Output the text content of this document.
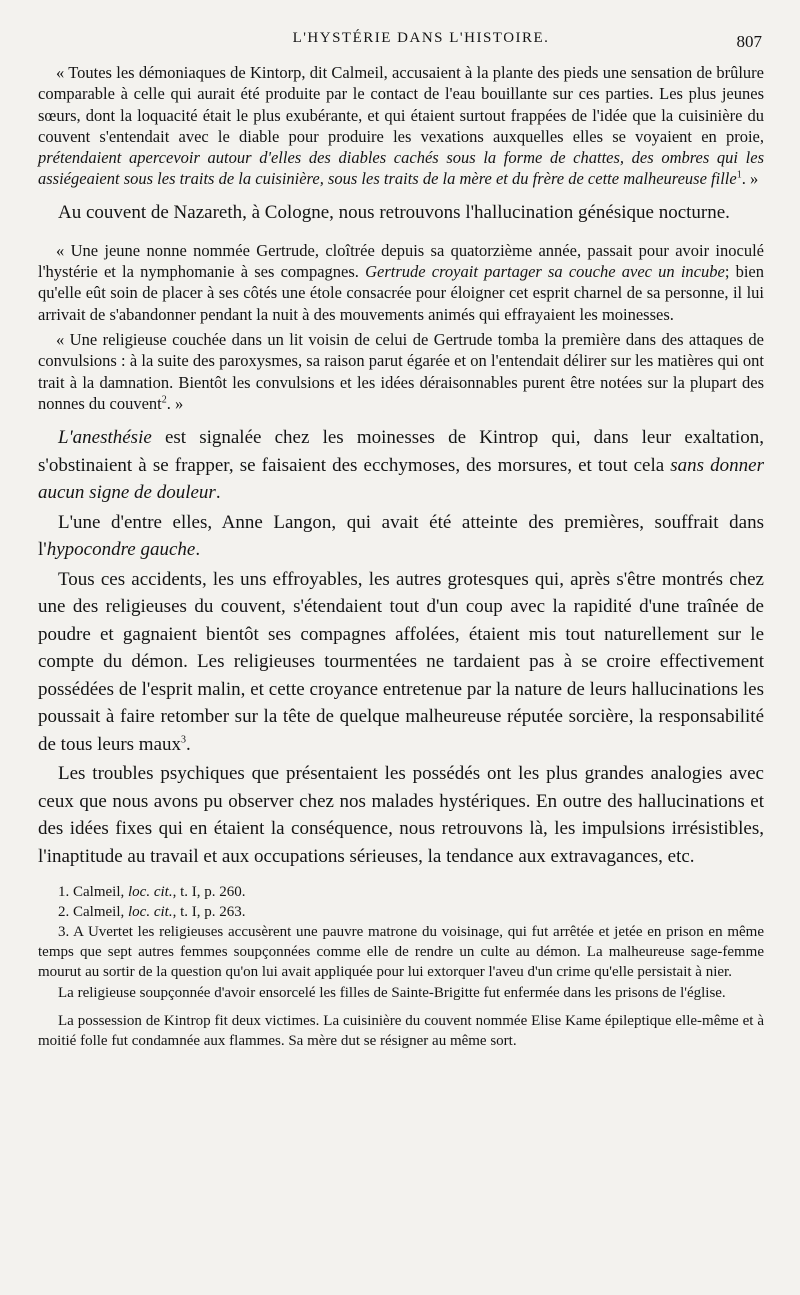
L'HYSTÉRIE DANS L'HISTOIRE.	807

« Toutes les démoniaques de Kintorp, dit Calmeil, accusaient à la plante des pieds une sensation de brûlure comparable à celle qui aurait été produite par le contact de l'eau bouillante sur ces parties. Les plus jeunes sœurs, dont la loquacité était le plus exubérante, et qui étaient surtout frappées de l'idée que la cuisinière du couvent s'entendait avec le diable pour produire les vexations auxquelles elles se voyaient en proie, prétendaient apercevoir autour d'elles des diables cachés sous la forme de chattes, des ombres qui les assiégeaient sous les traits de la cuisinière, sous les traits de la mère et du frère de cette malheureuse fille$^1$. »

Au couvent de Nazareth, à Cologne, nous retrouvons l'hallucination génésique nocturne.

« Une jeune nonne nommée Gertrude, cloîtrée depuis sa quatorzième année, passait pour avoir inoculé l'hystérie et la nymphomanie à ses compagnes. Gertrude croyait partager sa couche avec un incube; bien qu'elle eût soin de placer à ses côtés une étole consacrée pour éloigner cet esprit charnel de sa personne, il lui arrivait de s'abandonner pendant la nuit à des mouvements animés qui effrayaient les moinesses.

« Une religieuse couchée dans un lit voisin de celui de Gertrude tomba la première dans des attaques de convulsions : à la suite des paroxysmes, sa raison parut égarée et on l'entendait délirer sur les matières qui ont trait à la damnation. Bientôt les convulsions et les idées déraisonnables purent être notées sur la plupart des nonnes du couvent$^2$. »

L'anesthésie est signalée chez les moinesses de Kintrop qui, dans leur exaltation, s'obstinaient à se frapper, se faisaient des ecchymoses, des morsures, et tout cela sans donner aucun signe de douleur.

L'une d'entre elles, Anne Langon, qui avait été atteinte des premières, souffrait dans l'hypocondre gauche.

Tous ces accidents, les uns effroyables, les autres grotesques qui, après s'être montrés chez une des religieuses du couvent, s'étendaient tout d'un coup avec la rapidité d'une traînée de poudre et gagnaient bientôt ses compagnes affolées, étaient mis tout naturellement sur le compte du démon. Les religieuses tourmentées ne tardaient pas à se croire effectivement possédées de l'esprit malin, et cette croyance entretenue par la nature de leurs hallucinations les poussait à faire retomber sur la tête de quelque malheureuse réputée sorcière, la responsabilité de tous leurs maux$^3$.

Les troubles psychiques que présentaient les possédés ont les plus grandes analogies avec ceux que nous avons pu observer chez nos malades hystériques. En outre des hallucinations et des idées fixes qui en étaient la conséquence, nous retrouvons là, les impulsions irrésistibles, l'inaptitude au travail et aux occupations sérieuses, la tendance aux extravagances, etc.

1. Calmeil, loc. cit., t. I, p. 260.
2. Calmeil, loc. cit., t. I, p. 263.
3. A Uvertet les religieuses accusèrent une pauvre matrone du voisinage, qui fut arrêtée et jetée en prison en même temps que sept autres femmes soupçonnées comme elle de rendre un culte au démon. La malheureuse sage-femme mourut au sortir de la question qu'on lui avait appliquée pour lui extorquer l'aveu d'un crime qu'elle persistait à nier.
La religieuse soupçonnée d'avoir ensorcelé les filles de Sainte-Brigitte fut enfermée dans les prisons de l'église.
La possession de Kintrop fit deux victimes. La cuisinière du couvent nommée Elise Kame épileptique elle-même et à moitié folle fut condamnée aux flammes. Sa mère dut se résigner au même sort.
